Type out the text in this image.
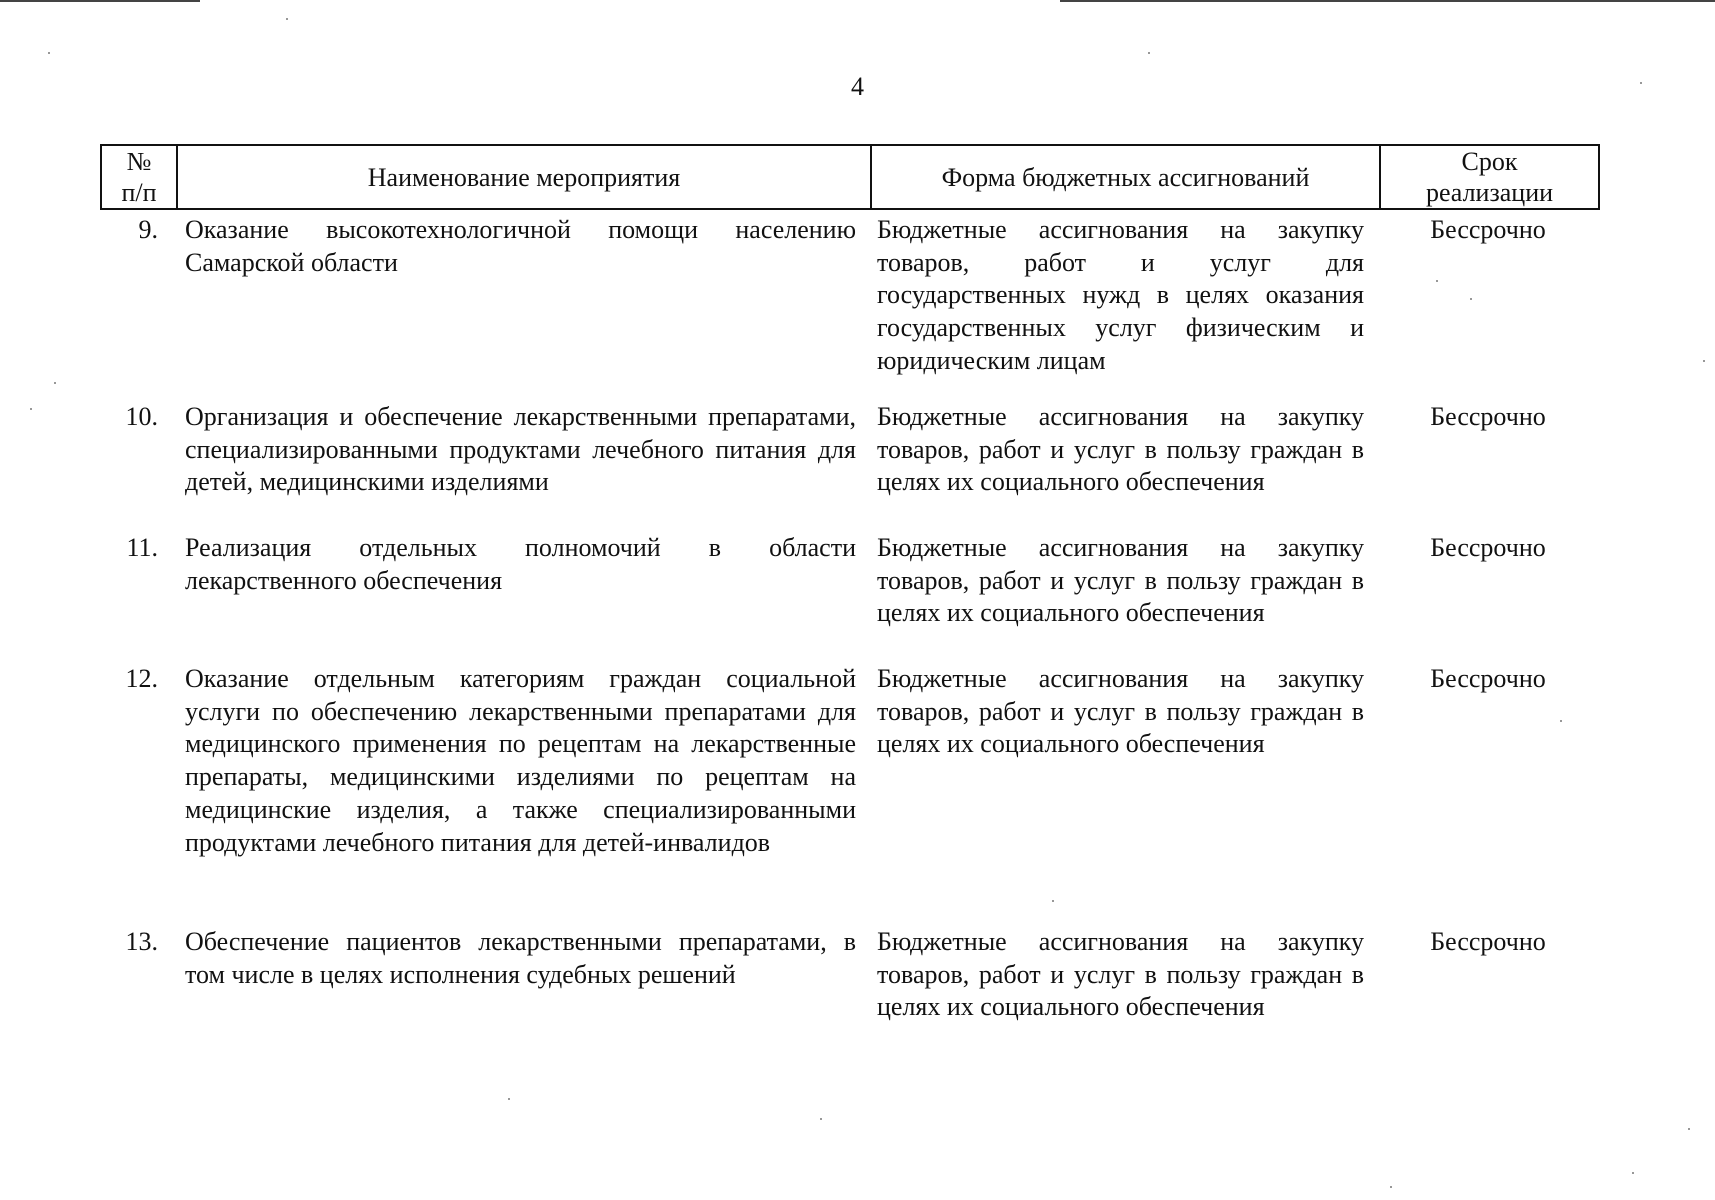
4
№
п/п
Наименование мероприятия	Форма бюджетных ассигнований
Срок
реализации
9. Оказание высокотехнологичной помощи населению Самарской области
Бюджетные ассигнования на закупку товаров, работ и услуг для государственных нужд в целях оказания государственных услуг физическим и юридическим лицам
Бессрочно
10. Организация и обеспечение лекарственными препаратами, специализированными продуктами лечебного питания для детей, медицинскими изделиями
Бюджетные ассигнования на закупку товаров, работ и услуг в пользу граждан в целях их социального обеспечения
Бессрочно
11. Реализация отдельных полномочий в области лекарственного обеспечения
Бюджетные ассигнования на закупку товаров, работ и услуг в пользу граждан в целях их социального обеспечения
Бессрочно
12. Оказание отдельным категориям граждан социальной услуги по обеспечению лекарственными препаратами для медицинского применения по рецептам на лекарственные препараты, медицинскими изделиями по рецептам на медицинские изделия, а также специализированными продуктами лечебного питания для детей-инвалидов
Бюджетные ассигнования на закупку товаров, работ и услуг в пользу граждан в целях их социального обеспечения
Бессрочно
13. Обеспечение пациентов лекарственными препаратами, в том числе в целях исполнения судебных решений
Бюджетные ассигнования на закупку товаров, работ и услуг в пользу граждан в целях их социального обеспечения
Бессрочно
